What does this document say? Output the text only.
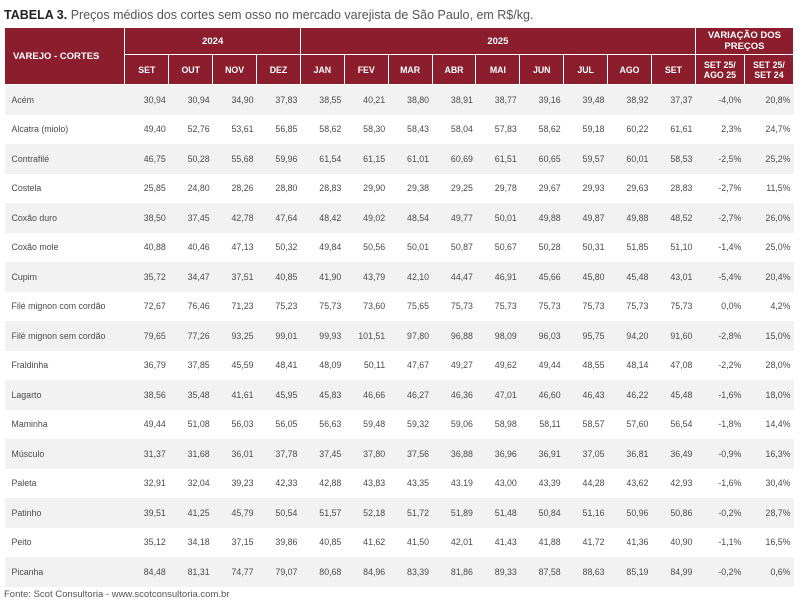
TABELA 3. Preços médios dos cortes sem osso no mercado varejista de São Paulo, em R$/kg.
VAREJO - CORTES	2024				2025									VARIAÇÃO DOS PREÇOS	
	SET	OUT	NOV	DEZ	JAN	FEV	MAR	ABR	MAI	JUN	JUL	AGO	SET	SET 25/ AGO 25	SET 25/ SET 24
Acém	30,94	30,94	34,90	37,83	38,55	40,21	38,80	38,91	38,77	39,16	39,48	38,92	37,37	-4,0%	20,8%
Alcatra (miolo)	49,40	52,76	53,61	56,85	58,62	58,30	58,43	58,04	57,83	58,62	59,18	60,22	61,61	2,3%	24,7%
Contrafilé	46,75	50,28	55,68	59,96	61,54	61,15	61,01	60,69	61,51	60,65	59,57	60,01	58,53	-2,5%	25,2%
Costela	25,85	24,80	28,26	28,80	28,83	29,90	29,38	29,25	29,78	29,67	29,93	29,63	28,83	-2,7%	11,5%
Coxão duro	38,50	37,45	42,78	47,64	48,42	49,02	48,54	49,77	50,01	49,88	49,87	49,88	48,52	-2,7%	26,0%
Coxão mole	40,88	40,46	47,13	50,32	49,84	50,56	50,01	50,87	50,67	50,28	50,31	51,85	51,10	-1,4%	25,0%
Cupim	35,72	34,47	37,51	40,85	41,90	43,79	42,10	44,47	46,91	45,66	45,80	45,48	43,01	-5,4%	20,4%
Filé mignon com cordão	72,67	76,46	71,23	75,23	75,73	73,60	75,65	75,73	75,73	75,73	75,73	75,73	75,73	0,0%	4,2%
Filé mignon sem cordão	79,65	77,26	93,25	99,01	99,93	101,51	97,80	96,88	98,09	96,03	95,75	94,20	91,60	-2,8%	15,0%
Fraldinha	36,79	37,85	45,59	48,41	48,09	50,11	47,67	49,27	49,62	49,44	48,55	48,14	47,08	-2,2%	28,0%
Lagarto	38,56	35,48	41,61	45,95	45,83	46,66	46,27	46,36	47,01	46,60	46,43	46,22	45,48	-1,6%	18,0%
Maminha	49,44	51,08	56,03	56,05	56,63	59,48	59,32	59,06	58,98	58,11	58,57	57,60	56,54	-1,8%	14,4%
Músculo	31,37	31,68	36,01	37,78	37,45	37,80	37,56	36,88	36,96	36,91	37,05	36,81	36,49	-0,9%	16,3%
Paleta	32,91	32,04	39,23	42,33	42,88	43,83	43,35	43,19	43,00	43,39	44,28	43,62	42,93	-1,6%	30,4%
Patinho	39,51	41,25	45,79	50,54	51,57	52,18	51,72	51,89	51,48	50,84	51,16	50,96	50,86	-0,2%	28,7%
Peito	35,12	34,18	37,15	39,86	40,85	41,62	41,50	42,01	41,43	41,88	41,72	41,36	40,90	-1,1%	16,5%
Picanha	84,48	81,31	74,77	79,07	80,68	84,96	83,39	81,86	89,33	87,58	88,63	85,19	84,99	-0,2%	0,6%
Fonte: Scot Consultoria - www.scotconsultoria.com.br
